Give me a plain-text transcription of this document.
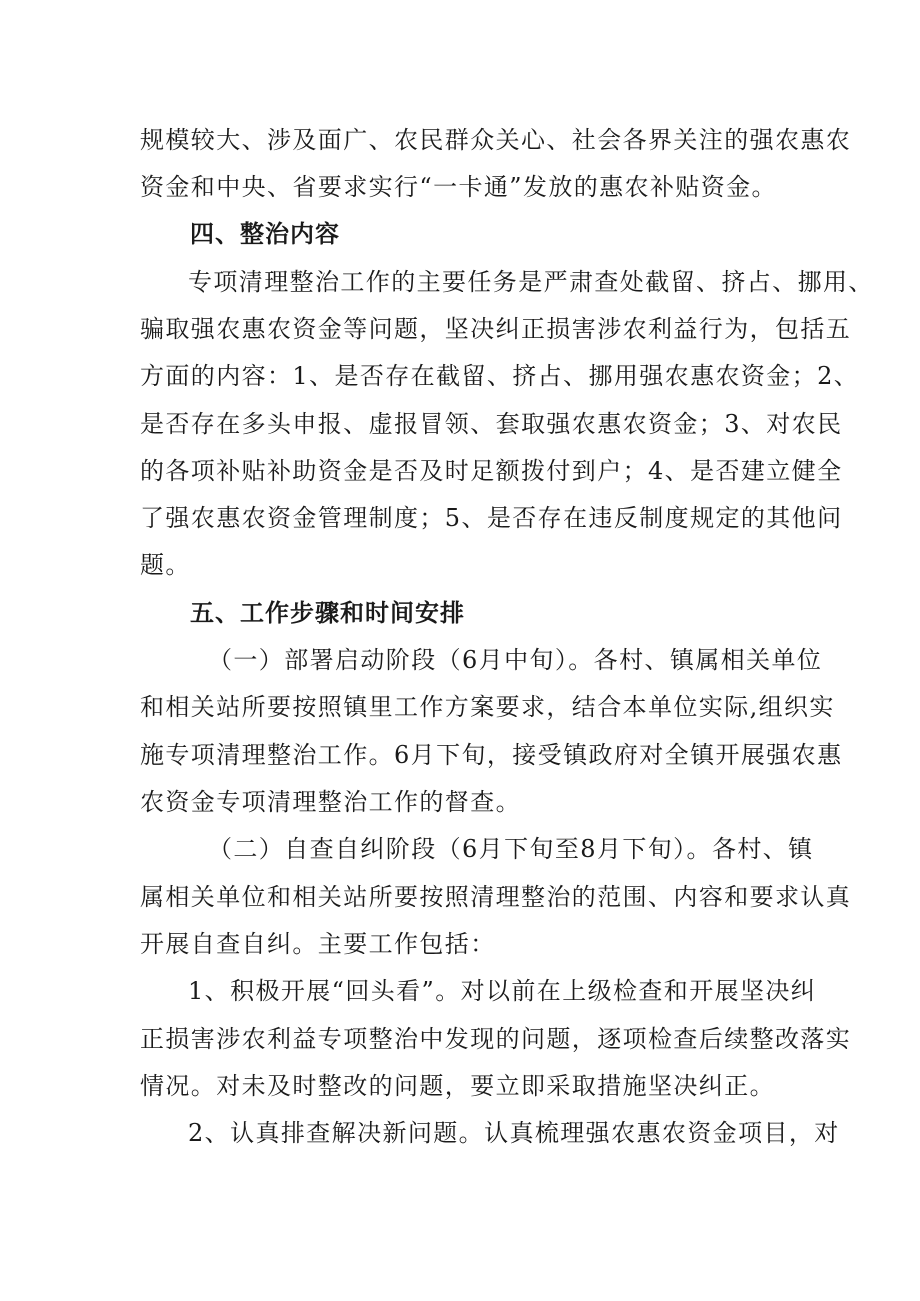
规模较大、涉及面广、农民群众关心、社会各界关注的强农惠农
资金和中央、省要求实行“一卡通”发放的惠农补贴资金。
四、整治内容
专项清理整治工作的主要任务是严肃查处截留、挤占、挪用、
骗取强农惠农资金等问题，坚决纠正损害涉农利益行为，包括五
方面的内容：1、是否存在截留、挤占、挪用强农惠农资金；2、
是否存在多头申报、虚报冒领、套取强农惠农资金；3、对农民
的各项补贴补助资金是否及时足额拨付到户；4、是否建立健全
了强农惠农资金管理制度；5、是否存在违反制度规定的其他问
题。
五、工作步骤和时间安排
（一）部署启动阶段（6月中旬）。各村、镇属相关单位
和相关站所要按照镇里工作方案要求，结合本单位实际,组织实
施专项清理整治工作。6月下旬，接受镇政府对全镇开展强农惠
农资金专项清理整治工作的督查。
（二）自查自纠阶段（6月下旬至8月下旬）。各村、镇
属相关单位和相关站所要按照清理整治的范围、内容和要求认真
开展自查自纠。主要工作包括：
1、积极开展“回头看”。对以前在上级检查和开展坚决纠
正损害涉农利益专项整治中发现的问题，逐项检查后续整改落实
情况。对未及时整改的问题，要立即采取措施坚决纠正。
2、认真排查解决新问题。认真梳理强农惠农资金项目，对
